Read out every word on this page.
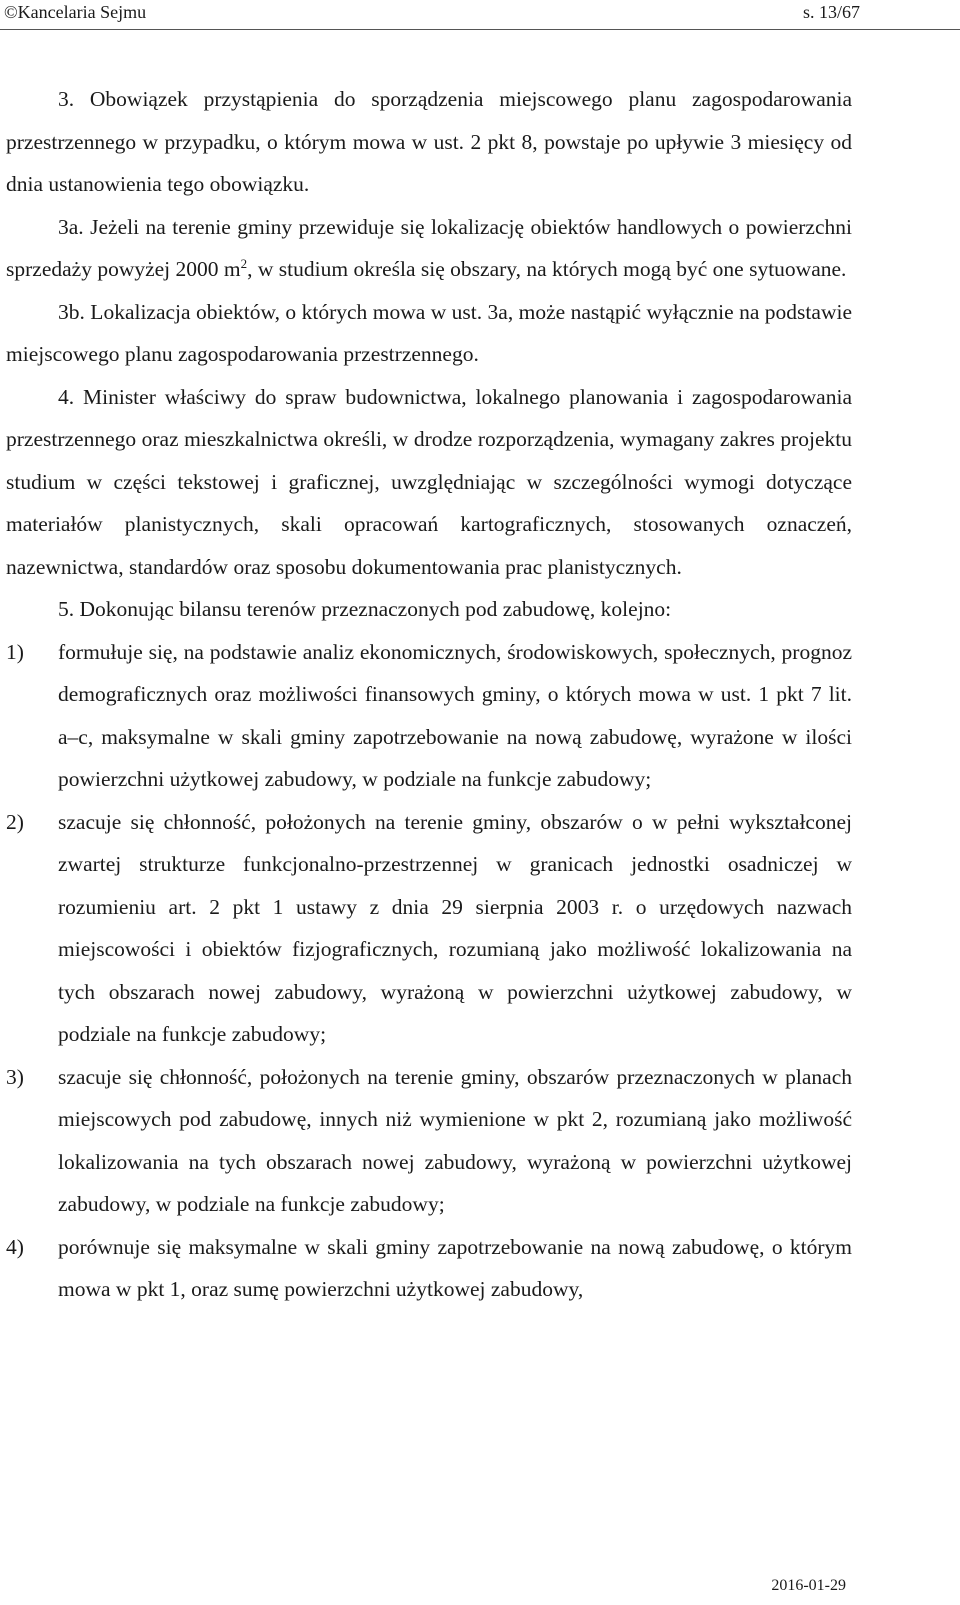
©Kancelaria Sejmu	s. 13/67

3. Obowiązek przystąpienia do sporządzenia miejscowego planu zagospodarowania przestrzennego w przypadku, o którym mowa w ust. 2 pkt 8, powstaje po upływie 3 miesięcy od dnia ustanowienia tego obowiązku.

3a. Jeżeli na terenie gminy przewiduje się lokalizację obiektów handlowych o powierzchni sprzedaży powyżej 2000 $m^2$, w studium określa się obszary, na których mogą być one sytuowane.

3b. Lokalizacja obiektów, o których mowa w ust. 3a, może nastąpić wyłącznie na podstawie miejscowego planu zagospodarowania przestrzennego.

4. Minister właściwy do spraw budownictwa, lokalnego planowania i zagospodarowania przestrzennego oraz mieszkalnictwa określi, w drodze rozporządzenia, wymagany zakres projektu studium w części tekstowej i graficznej, uwzględniając w szczególności wymogi dotyczące materiałów planistycznych, skali opracowań kartograficznych, stosowanych oznaczeń, nazewnictwa, standardów oraz sposobu dokumentowania prac planistycznych.

5. Dokonując bilansu terenów przeznaczonych pod zabudowę, kolejno:

1)	formułuje się, na podstawie analiz ekonomicznych, środowiskowych, społecznych, prognoz demograficznych oraz możliwości finansowych gminy, o których mowa w ust. 1 pkt 7 lit. a–c, maksymalne w skali gminy zapotrzebowanie na nową zabudowę, wyrażone w ilości powierzchni użytkowej zabudowy, w podziale na funkcje zabudowy;
2)	szacuje się chłonność, położonych na terenie gminy, obszarów o w pełni wykształconej zwartej strukturze funkcjonalno-przestrzennej w granicach jednostki osadniczej w rozumieniu art. 2 pkt 1 ustawy z dnia 29 sierpnia 2003 r. o urzędowych nazwach miejscowości i obiektów fizjograficznych, rozumianą jako możliwość lokalizowania na tych obszarach nowej zabudowy, wyrażoną w powierzchni użytkowej zabudowy, w podziale na funkcje zabudowy;
3)	szacuje się chłonność, położonych na terenie gminy, obszarów przeznaczonych w planach miejscowych pod zabudowę, innych niż wymienione w pkt 2, rozumianą jako możliwość lokalizowania na tych obszarach nowej zabudowy, wyrażoną w powierzchni użytkowej zabudowy, w podziale na funkcje zabudowy;
4)	porównuje się maksymalne w skali gminy zapotrzebowanie na nową zabudowę, o którym mowa w pkt 1, oraz sumę powierzchni użytkowej zabudowy,
2016-01-29
